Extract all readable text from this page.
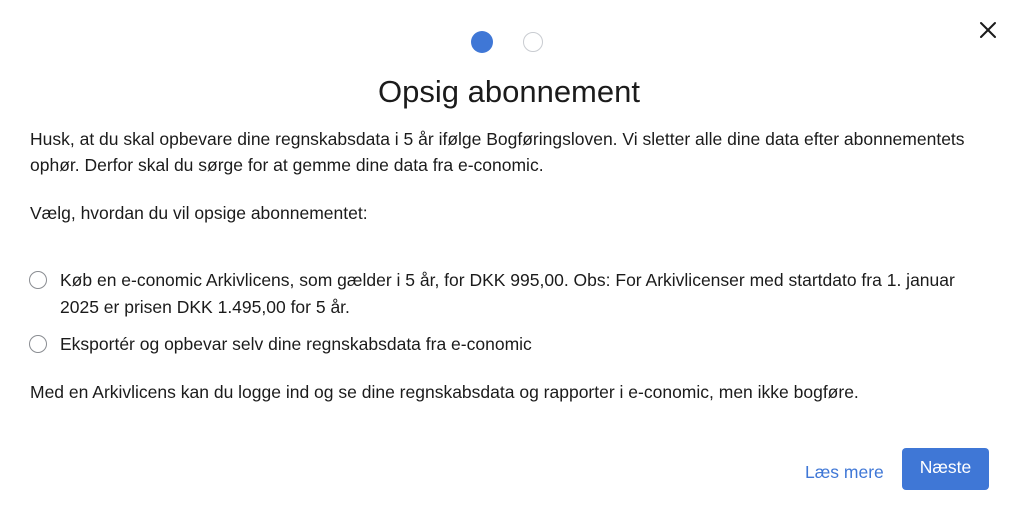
Opsig abonnement

Husk, at du skal opbevare dine regnskabsdata i 5 år ifølge Bogføringsloven. Vi sletter alle dine data efter abonnementets ophør. Derfor skal du sørge for at gemme dine data fra e-conomic.

Vælg, hvordan du vil opsige abonnementet:

Køb en e-conomic Arkivlicens, som gælder i 5 år, for DKK 995,00. Obs: For Arkivlicenser med startdato fra 1. januar 2025 er prisen DKK 1.495,00 for 5 år.
Eksportér og opbevar selv dine regnskabsdata fra e-conomic

Med en Arkivlicens kan du logge ind og se dine regnskabsdata og rapporter i e-conomic, men ikke bogføre.

Læs mere	Næste
